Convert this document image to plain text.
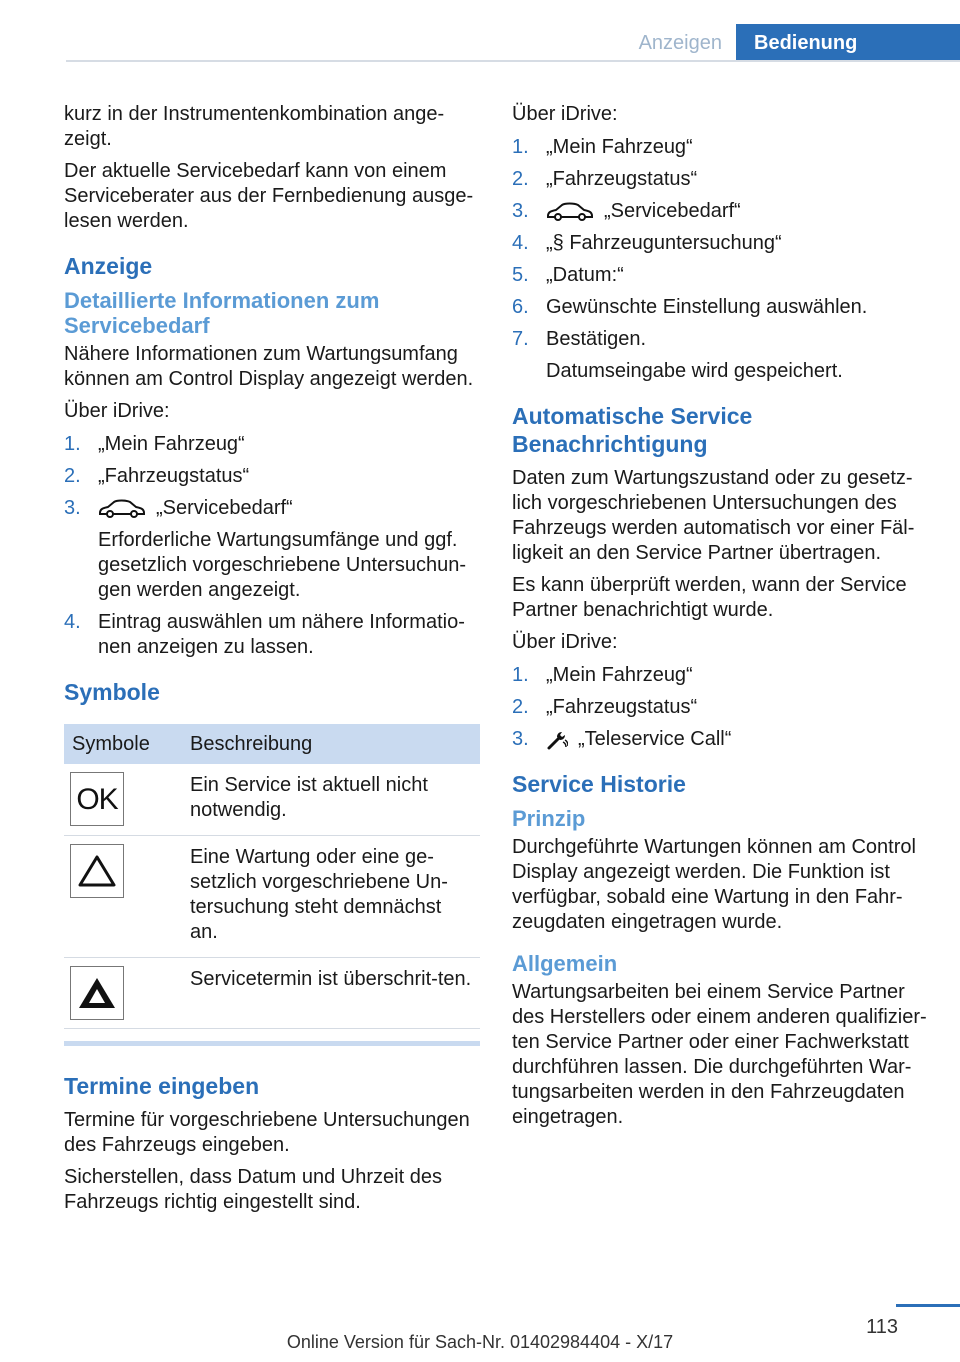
Anzeigen	Bedienung

kurz in der Instrumentenkombination ange- zeigt.

Der aktuelle Servicebedarf kann von einem Serviceberater aus der Fernbedienung ausge-lesen werden.

Anzeige
Detaillierte Informationen zum Servicebedarf

Nähere Informationen zum Wartungsumfang können am Control Display angezeigt werden.

Über iDrive:

1. „Mein Fahrzeug“
2. „Fahrzeugstatus“
3.	„Servicebedarf“
Erforderliche Wartungsumfänge und ggf. gesetzlich vorgeschriebene Untersuchun-gen werden angezeigt.
4. Eintrag auswählen um nähere Informatio-nen anzeigen zu lassen.
Symbole
Symbole	Beschreibung

OK	Ein Service ist aktuell nicht notwendig.

	Eine Wartung oder eine ge-setzlich vorgeschriebene Un-tersuchung steht demnächst an.

	Servicetermin ist überschrit-ten.
Termine eingeben

Termine für vorgeschriebene Untersuchungen des Fahrzeugs eingeben.

Sicherstellen, dass Datum und Uhrzeit des Fahrzeugs richtig eingestellt sind.

Über iDrive:

1. „Mein Fahrzeug“
2. „Fahrzeugstatus“
3.	„Servicebedarf“
4. „§ Fahrzeuguntersuchung“
5. „Datum:“
6. Gewünschte Einstellung auswählen.
7. Bestätigen.
Datumseingabe wird gespeichert.
Automatische Service Benachrichtigung

Daten zum Wartungszustand oder zu gesetz-lich vorgeschriebenen Untersuchungen des Fahrzeugs werden automatisch vor einer Fäl-ligkeit an den Service Partner übertragen.

Es kann überprüft werden, wann der Service Partner benachrichtigt wurde.

Über iDrive:

1. „Mein Fahrzeug“
2. „Fahrzeugstatus“
3. „Teleservice Call“
Service Historie
Prinzip

Durchgeführte Wartungen können am Control Display angezeigt werden. Die Funktion ist verfügbar, sobald eine Wartung in den Fahr-zeugdaten eingetragen wurde.

Allgemein

Wartungsarbeiten bei einem Service Partner des Herstellers oder einem anderen qualifizier-ten Service Partner oder einer Fachwerkstatt durchführen lassen. Die durchgeführten War-tungsarbeiten werden in den Fahrzeugdaten eingetragen.

113
Online Version für Sach-Nr. 01402984404 - X/17
